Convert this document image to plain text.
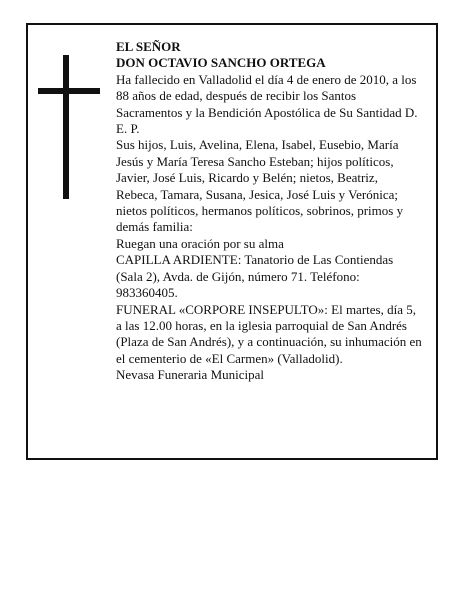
EL SEÑOR

DON OCTAVIO SANCHO ORTEGA

Ha fallecido en Valladolid el día 4 de enero de 2010, a los 88 años de edad, después de recibir los Santos Sacramentos y la Bendición Apostólica de Su Santidad D. E. P.

Sus hijos, Luis, Avelina, Elena, Isabel, Eusebio, María Jesús y María Teresa Sancho Esteban; hijos políticos, Javier, José Luis, Ricardo y Belén; nietos, Beatriz, Rebeca, Tamara, Susana, Jesica, José Luis y Verónica; nietos políticos, hermanos políticos, sobrinos, primos y demás familia:

Ruegan una oración por su alma

CAPILLA ARDIENTE: Tanatorio de Las Contiendas (Sala 2), Avda. de Gijón, número 71. Teléfono: 983360405.

FUNERAL «CORPORE INSEPULTO»: El martes, día 5, a las 12.00 horas, en la iglesia parroquial de San Andrés (Plaza de San Andrés), y a continuación, su inhumación en el cementerio de «El Carmen» (Valladolid).

Nevasa Funeraria Municipal
